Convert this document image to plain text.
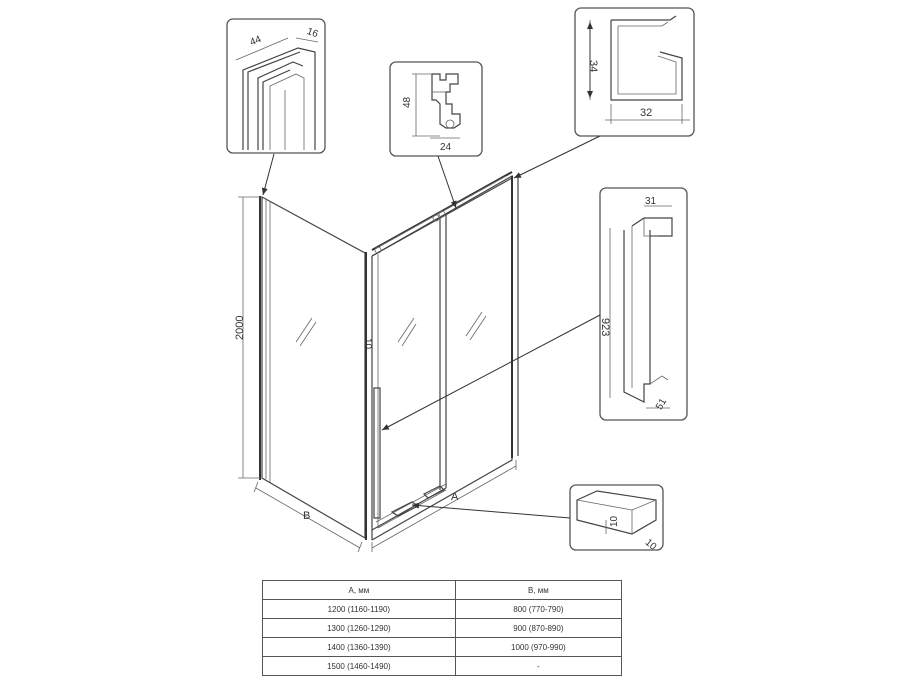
44
16
48
24
34
32
923
31
51
10
10
10
2000
B
A
A, мм	B, мм
1200 (1160-1190)	800 (770-790)
1300 (1260-1290)	900 (870-890)
1400 (1360-1390)	1000 (970-990)
1500 (1460-1490)	-
